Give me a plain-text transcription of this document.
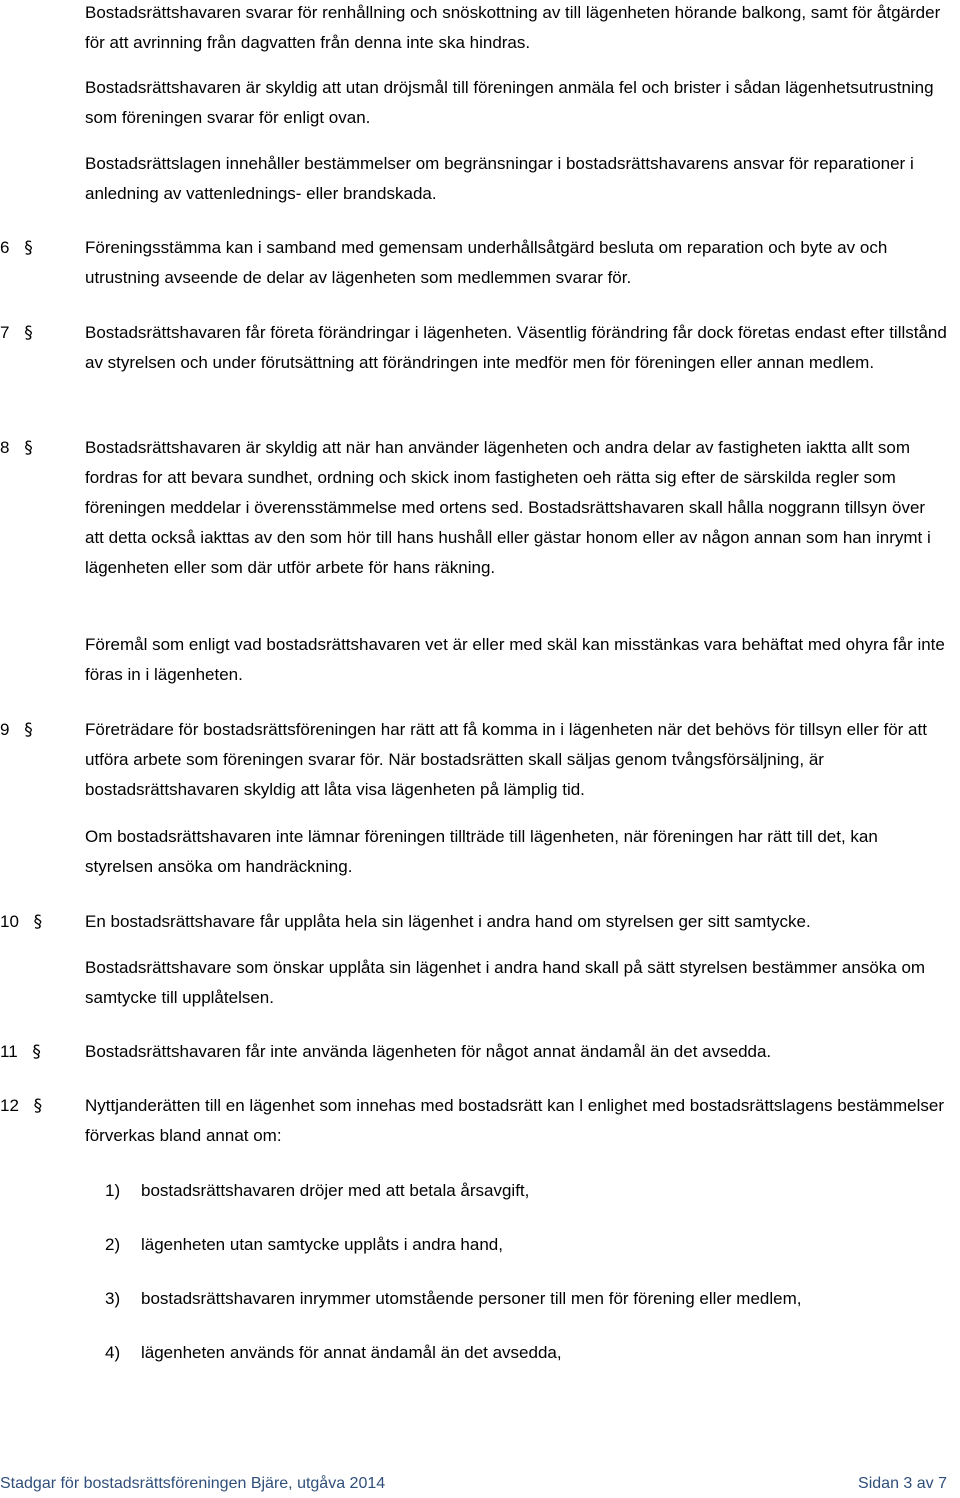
Bostadsrättshavaren svarar för renhållning och snöskottning av till lägenheten hörande balkong, samt för åtgärder för att avrinning från dagvatten från denna inte ska hindras.

Bostadsrättshavaren är skyldig att utan dröjsmål till föreningen anmäla fel och brister i sådan lägenhetsutrustning som föreningen svarar för enligt ovan.

Bostadsrättslagen innehåller bestämmelser om begränsningar i bostadsrättshavarens ansvar för reparationer i anledning av vattenlednings- eller brandskada.

6 §	Föreningsstämma kan i samband med gemensam underhållsåtgärd besluta om reparation och byte av och utrustning avseende de delar av lägenheten som medlemmen svarar för.

7 §	Bostadsrättshavaren får företa förändringar i lägenheten. Väsentlig förändring får dock företas endast efter tillstånd av styrelsen och under förutsättning att förändringen inte medför men för föreningen eller annan medlem.

8 §	Bostadsrättshavaren är skyldig att när han använder lägenheten och andra delar av fastigheten iaktta allt som fordras for att bevara sundhet, ordning och skick inom fastigheten oeh rätta sig efter de särskilda regler som föreningen meddelar i överensstämmelse med ortens sed. Bostadsrättshavaren skall hålla noggrann tillsyn över att detta också iakttas av den som hör till hans hushåll eller gästar honom eller av någon annan som han inrymt i lägenheten eller som där utför arbete för hans räkning.

Föremål som enligt vad bostadsrättshavaren vet är eller med skäl kan misstänkas vara behäftat med ohyra får inte föras in i lägenheten.

9 §	Företrädare för bostadsrättsföreningen har rätt att få komma in i lägenheten när det behövs för tillsyn eller för att utföra arbete som föreningen svarar för. När bostadsrätten skall säljas genom tvångsförsäljning, är bostadsrättshavaren skyldig att låta visa lägenheten på lämplig tid.

Om bostadsrättshavaren inte lämnar föreningen tillträde till lägenheten, när föreningen har rätt till det, kan styrelsen ansöka om handräckning.

10 §	En bostadsrättshavare får upplåta hela sin lägenhet i andra hand om styrelsen ger sitt samtycke.

Bostadsrättshavare som önskar upplåta sin lägenhet i andra hand skall på sätt styrelsen bestämmer ansöka om samtycke till upplåtelsen.

11 §	Bostadsrättshavaren får inte använda lägenheten för något annat ändamål än det avsedda.

12 §	Nyttjanderätten till en lägenhet som innehas med bostadsrätt kan l enlighet med bostadsrättslagens bestämmelser förverkas bland annat om:

1) bostadsrättshavaren dröjer med att betala årsavgift,
2) lägenheten utan samtycke upplåts i andra hand,
3) bostadsrättshavaren inrymmer utomstående personer till men för förening eller medlem,
4) lägenheten används för annat ändamål än det avsedda,
Stadgar för bostadsrättsföreningen Bjäre, utgåva 2014	Sidan 3 av 7
